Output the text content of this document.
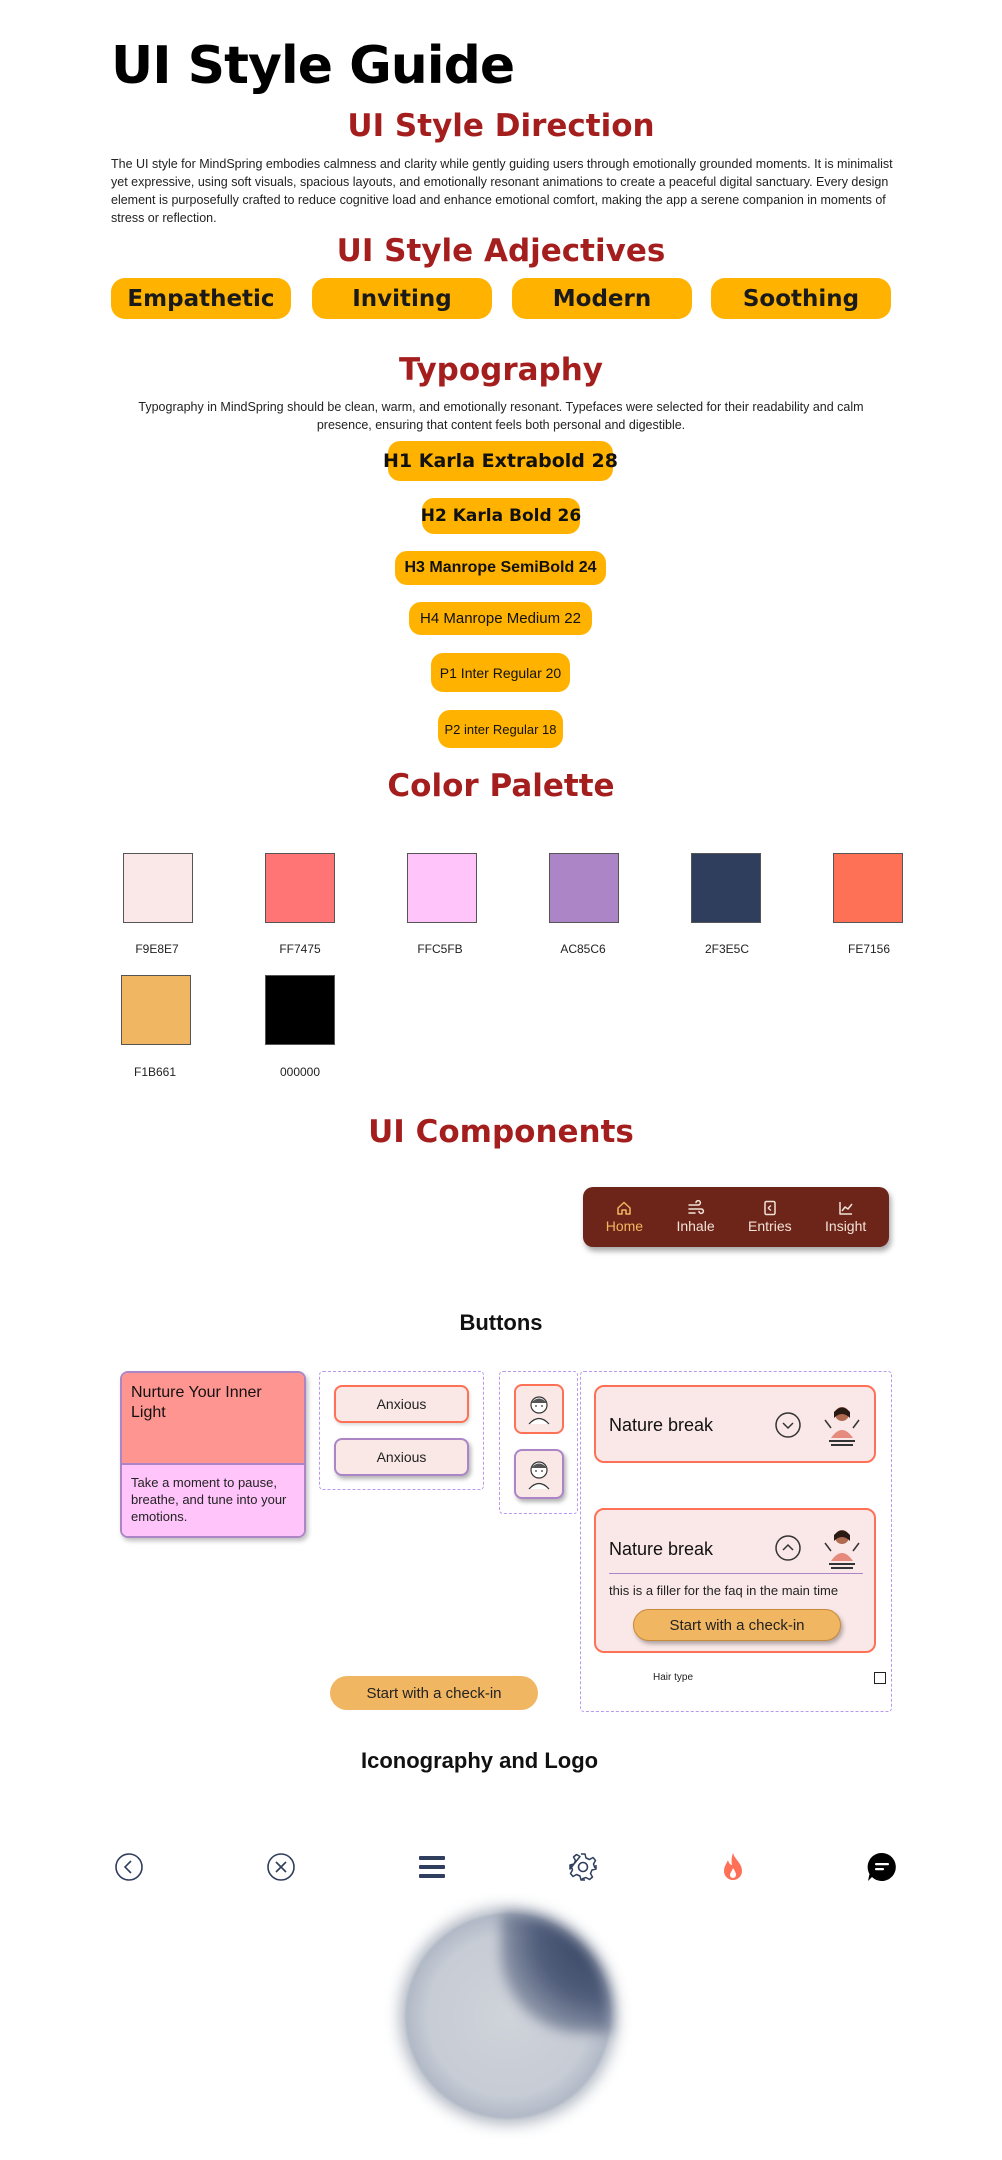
UI Style Guide
UI Style Direction
The UI style for MindSpring embodies calmness and clarity while gently guiding users through emotionally grounded moments. It is minimalist yet expressive, using soft visuals, spacious layouts, and emotionally resonant animations to create a peaceful digital sanctuary. Every design element is purposefully crafted to reduce cognitive load and enhance emotional comfort, making the app a serene companion in moments of stress or reflection.
UI Style Adjectives
Empathetic	Inviting	Modern	Soothing
Typography
Typography in MindSpring should be clean, warm, and emotionally resonant. Typefaces were selected for their readability and calm presence, ensuring that content feels both personal and digestible.
H1 Karla Extrabold 28
H2 Karla Bold 26
H3 Manrope SemiBold 24
H4 Manrope Medium 22
P1 Inter Regular 20
P2 inter Regular 18
Color Palette
F9E8E7	FF7475	FFC5FB	AC85C6	2F3E5C	FE7156
F1B661	000000
UI Components
Home Inhale Entries Insight
Buttons
Nurture Your Inner Light
Take a moment to pause, breathe, and tune into your emotions.
Anxious
Anxious
Nature break
Nature break
this is a filler for the faq in the main time
Start with a check-in
Hair type
Start with a check-in
Iconography and Logo
